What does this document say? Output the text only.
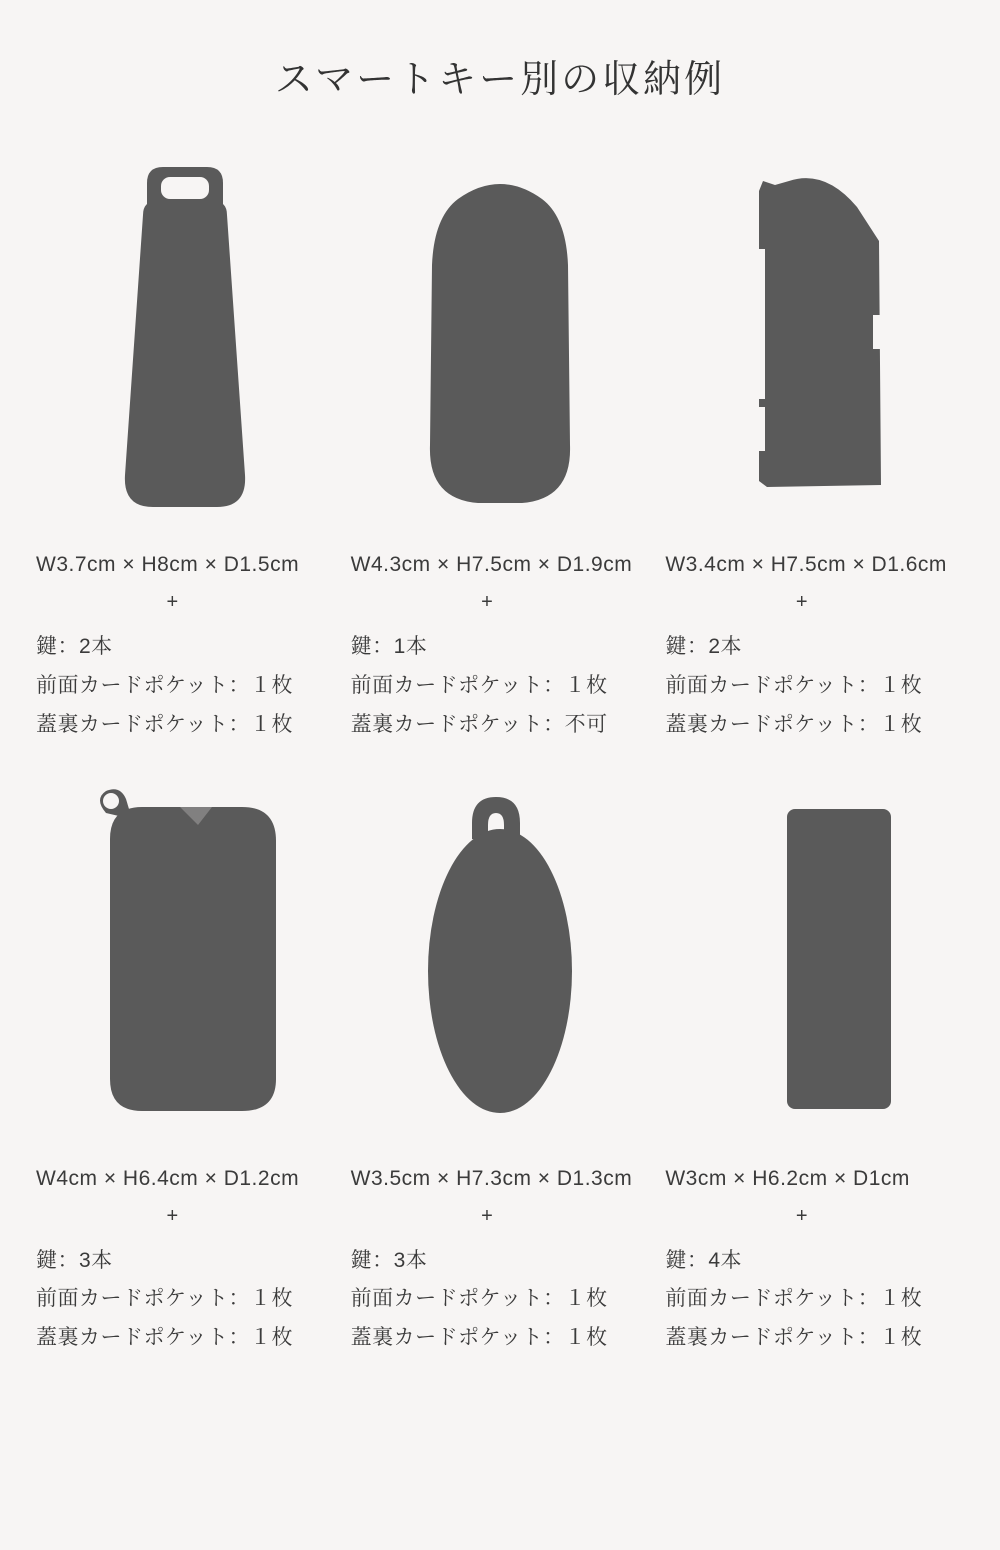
スマートキー別の収納例
W3.7cm × H8cm × D1.5cm
+
鍵：2本
前面カードポケット：１枚
蓋裏カードポケット：１枚
W4.3cm × H7.5cm × D1.9cm
+
鍵：1本
前面カードポケット：１枚
蓋裏カードポケット：不可
W3.4cm × H7.5cm × D1.6cm
+
鍵：2本
前面カードポケット：１枚
蓋裏カードポケット：１枚
W4cm × H6.4cm × D1.2cm
+
鍵：3本
前面カードポケット：１枚
蓋裏カードポケット：１枚
W3.5cm × H7.3cm × D1.3cm
+
鍵：3本
前面カードポケット：１枚
蓋裏カードポケット：１枚
W3cm × H6.2cm × D1cm
+
鍵：4本
前面カードポケット：１枚
蓋裏カードポケット：１枚
